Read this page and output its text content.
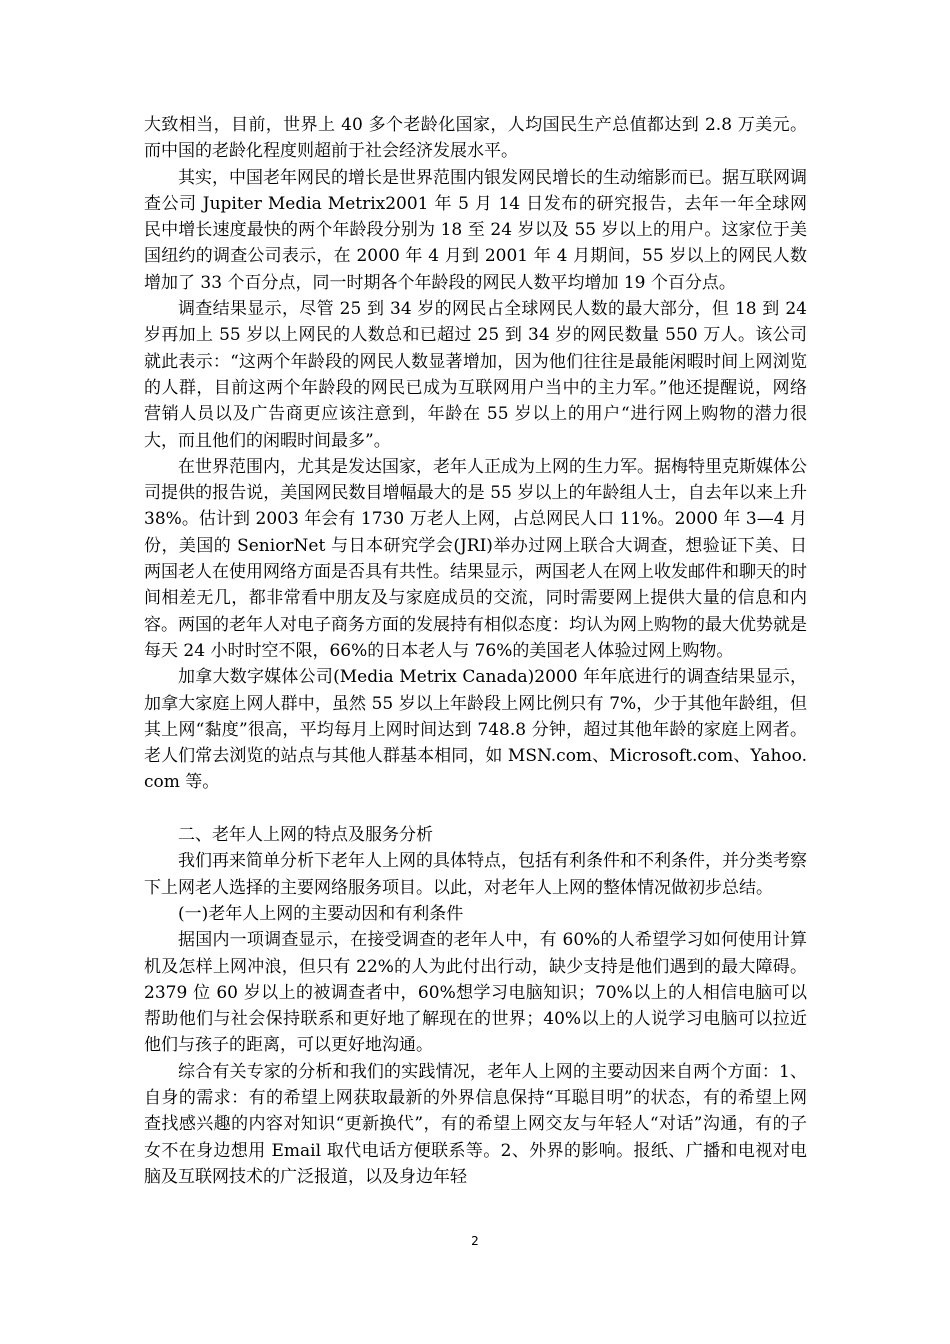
大致相当，目前，世界上 40 多个老龄化国家，人均国民生产总值都达到 2.8 万美元。而中国的老龄化程度则超前于社会经济发展水平。

其实，中国老年网民的增长是世界范围内银发网民增长的生动缩影而已。据互联网调查公司 Jupiter Media Metrix2001 年 5 月 14 日发布的研究报告，去年一年全球网民中增长速度最快的两个年龄段分别为 18 至 24 岁以及 55 岁以上的用户。这家位于美国纽约的调查公司表示，在 2000 年 4 月到 2001 年 4 月期间，55 岁以上的网民人数增加了 33 个百分点，同一时期各个年龄段的网民人数平均增加 19 个百分点。

调查结果显示，尽管 25 到 34 岁的网民占全球网民人数的最大部分，但 18 到 24 岁再加上 55 岁以上网民的人数总和已超过 25 到 34 岁的网民数量 550 万人。该公司就此表示：“这两个年龄段的网民人数显著增加，因为他们往往是最能闲暇时间上网浏览的人群，目前这两个年龄段的网民已成为互联网用户当中的主力军。”他还提醒说，网络营销人员以及广告商更应该注意到，年龄在 55 岁以上的用户“进行网上购物的潜力很大，而且他们的闲暇时间最多”。

在世界范围内，尤其是发达国家，老年人正成为上网的生力军。据梅特里克斯媒体公司提供的报告说，美国网民数目增幅最大的是 55 岁以上的年龄组人士，自去年以来上升 38%。估计到 2003 年会有 1730 万老人上网，占总网民人口 11%。2000 年 3—4 月份，美国的 SeniorNet 与日本研究学会(JRI)举办过网上联合大调查，想验证下美、日两国老人在使用网络方面是否具有共性。结果显示，两国老人在网上收发邮件和聊天的时间相差无几，都非常看中朋友及与家庭成员的交流，同时需要网上提供大量的信息和内容。两国的老年人对电子商务方面的发展持有相似态度：均认为网上购物的最大优势就是每天 24 小时时空不限，66%的日本老人与 76%的美国老人体验过网上购物。

加拿大数字媒体公司(Media Metrix Canada)2000 年年底进行的调查结果显示，加拿大家庭上网人群中，虽然 55 岁以上年龄段上网比例只有 7%，少于其他年龄组，但其上网“黏度”很高，平均每月上网时间达到 748.8 分钟，超过其他年龄的家庭上网者。老人们常去浏览的站点与其他人群基本相同，如 MSN.com、Microsoft.com、Yahoo.com 等。

二、老年人上网的特点及服务分析

我们再来简单分析下老年人上网的具体特点，包括有利条件和不利条件，并分类考察下上网老人选择的主要网络服务项目。以此，对老年人上网的整体情况做初步总结。

(一)老年人上网的主要动因和有利条件

据国内一项调查显示，在接受调查的老年人中，有 60%的人希望学习如何使用计算机及怎样上网冲浪，但只有 22%的人为此付出行动，缺少支持是他们遇到的最大障碍。2379 位 60 岁以上的被调查者中，60%想学习电脑知识；70%以上的人相信电脑可以帮助他们与社会保持联系和更好地了解现在的世界；40%以上的人说学习电脑可以拉近他们与孩子的距离，可以更好地沟通。

综合有关专家的分析和我们的实践情况，老年人上网的主要动因来自两个方面：1、自身的需求：有的希望上网获取最新的外界信息保持“耳聪目明”的状态，有的希望上网查找感兴趣的内容对知识“更新换代”，有的希望上网交友与年轻人“对话”沟通，有的子女不在身边想用 Email 取代电话方便联系等。2、外界的影响。报纸、广播和电视对电脑及互联网技术的广泛报道，以及身边年轻

2
